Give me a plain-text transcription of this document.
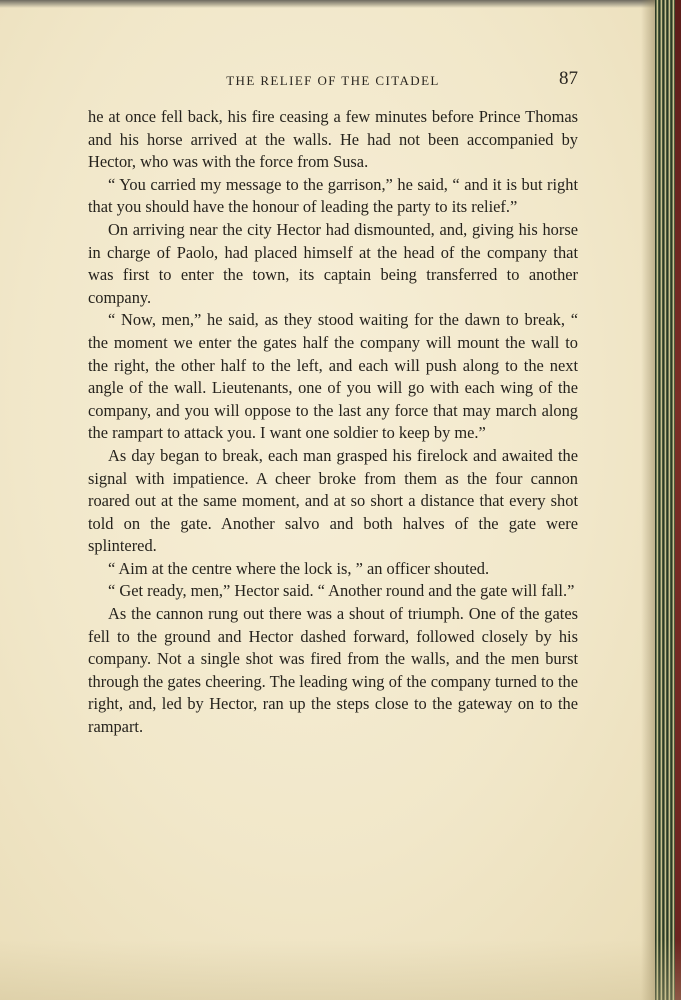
THE RELIEF OF THE CITADEL	87

he at once fell back, his fire ceasing a few minutes before Prince Thomas and his horse arrived at the walls. He had not been accompanied by Hector, who was with the force from Susa.

“ You carried my message to the garrison,” he said, “ and it is but right that you should have the honour of leading the party to its relief.”

On arriving near the city Hector had dismounted, and, giving his horse in charge of Paolo, had placed himself at the head of the company that was first to enter the town, its captain being transferred to another company.

“ Now, men,” he said, as they stood waiting for the dawn to break, “ the moment we enter the gates half the company will mount the wall to the right, the other half to the left, and each will push along to the next angle of the wall. Lieutenants, one of you will go with each wing of the company, and you will oppose to the last any force that may march along the rampart to attack you. I want one soldier to keep by me.”

As day began to break, each man grasped his firelock and awaited the signal with impatience. A cheer broke from them as the four cannon roared out at the same moment, and at so short a distance that every shot told on the gate. Another salvo and both halves of the gate were splintered.

“ Aim at the centre where the lock is, ” an officer shouted.

“ Get ready, men,” Hector said. “ Another round and the gate will fall.”

As the cannon rung out there was a shout of triumph. One of the gates fell to the ground and Hector dashed forward, followed closely by his company. Not a single shot was fired from the walls, and the men burst through the gates cheering. The leading wing of the company turned to the right, and, led by Hector, ran up the steps close to the gateway on to the rampart.
